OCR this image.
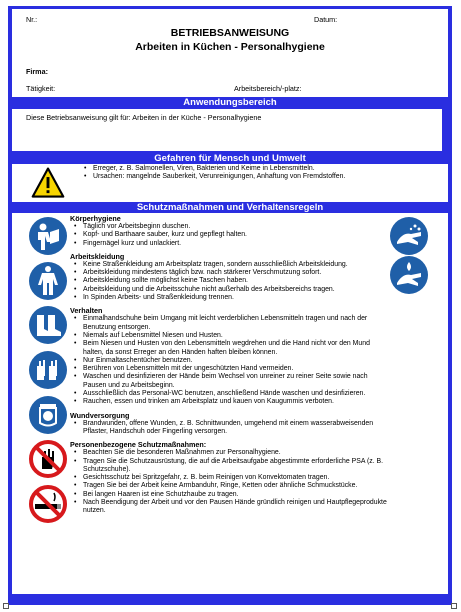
Nr.:	Datum:
BETRIEBSANWEISUNG
Arbeiten in Küchen - Personalhygiene
Firma:
Tätigkeit:	Arbeitsbereich/-platz:
Anwendungsbereich
Diese Betriebsanweisung gilt für: Arbeiten in der Küche - Personalhygiene
Gefahren für Mensch und Umwelt
• Erreger, z. B. Salmonellen, Viren, Bakterien und Keime in Lebensmitteln.
• Ursachen: mangelnde Sauberkeit, Verunreinigungen, Anhaftung von Fremdstoffen.
Schutzmaßnahmen und Verhaltensregeln
Körperhygiene
• Täglich vor Arbeitsbeginn duschen.
• Kopf- und Barthaare sauber, kurz und gepflegt halten.
• Fingernägel kurz und unlackiert.
Arbeitskleidung
• Keine Straßenkleidung am Arbeitsplatz tragen, sondern ausschließlich Arbeitskleidung.
• Arbeitskleidung mindestens täglich bzw. nach stärkerer Verschmutzung sofort.
• Arbeitskleidung sollte möglichst keine Taschen haben.
• Arbeitskleidung und die Arbeitsschuhe nicht außerhalb des Arbeitsbereichs tragen.
• In Spinden Arbeits- und Straßenkleidung trennen.
Verhalten
• Einmalhandschuhe beim Umgang mit leicht verderblichen Lebensmitteln tragen und nach der Benutzung entsorgen.
• Niemals auf Lebensmittel Niesen und Husten.
• Beim Niesen und Husten von den Lebensmitteln wegdrehen und die Hand nicht vor den Mund halten, da sonst Erreger an den Händen haften bleiben können.
• Nur Einmaltaschentücher benutzen.
• Berühren von Lebensmitteln mit der ungeschützten Hand vermeiden.
• Waschen und desinfizieren der Hände beim Wechsel von unreiner zu reiner Seite sowie nach Pausen und zu Arbeitsbeginn.
• Ausschließlich das Personal-WC benutzen, anschließend Hände waschen und desinfizieren.
• Rauchen, essen und trinken am Arbeitsplatz und kauen von Kaugummis verboten.
Wundversorgung
• Brandwunden, offene Wunden, z. B. Schnittwunden, umgehend mit einem wasserabweisenden Pflaster, Handschuh oder Fingerling versorgen.
Personenbezogene Schutzmaßnahmen:
• Beachten Sie die besonderen Maßnahmen zur Personalhygiene.
• Tragen Sie die Schutzausrüstung, die auf die Arbeitsaufgabe abgestimmte erforderliche PSA (z. B. Schutzschuhe).
• Gesichtsschutz bei Spritzgefahr, z. B. beim Reinigen von Konvektomaten tragen.
• Tragen Sie bei der Arbeit keine Armbanduhr, Ringe, Ketten oder ähnliche Schmuckstücke.
• Bei langen Haaren ist eine Schutzhaube zu tragen.
• Nach Beendigung der Arbeit und vor den Pausen Hände gründlich reinigen und Hautpflegeprodukte nutzen.
